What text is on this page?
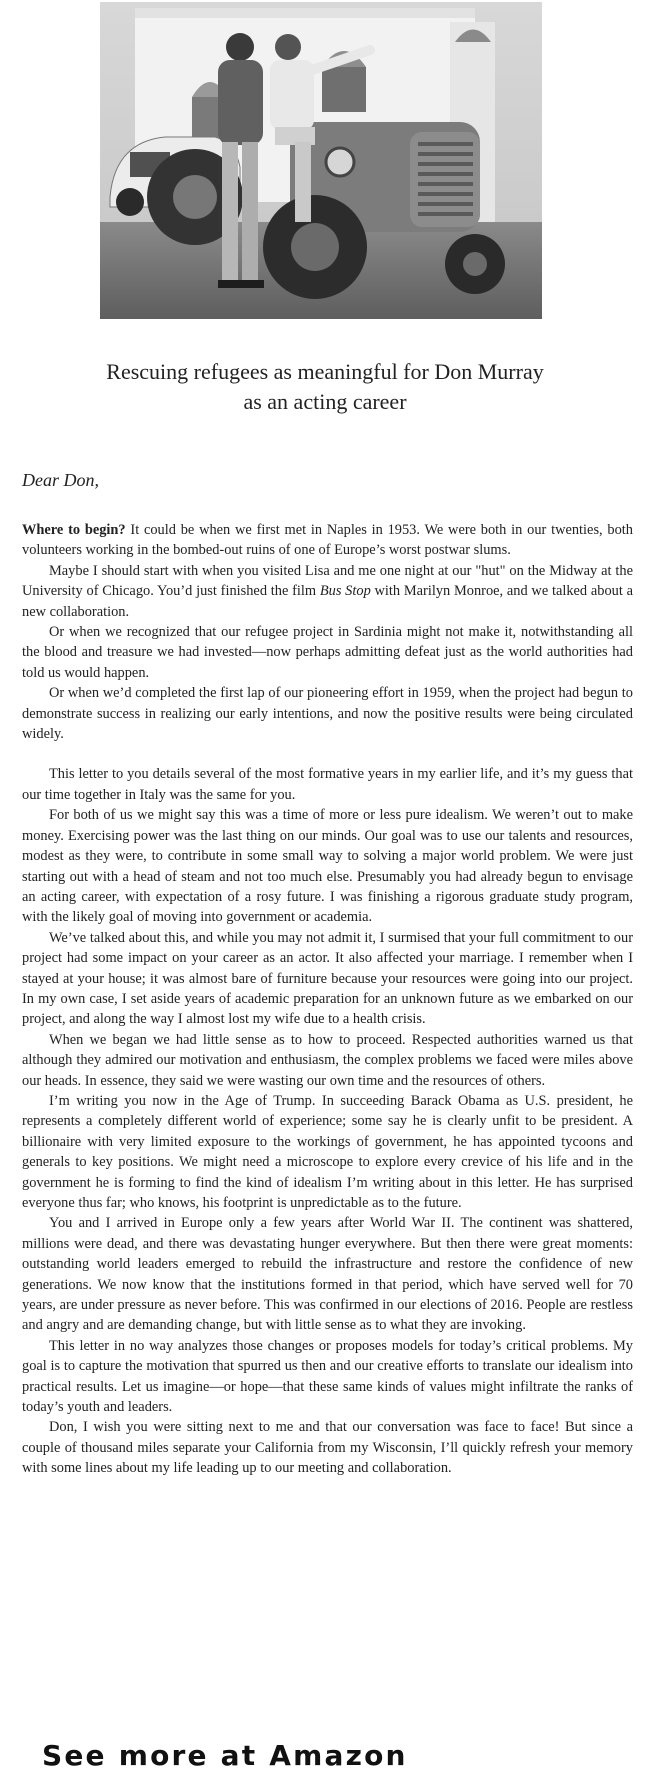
Rescuing refugees as meaningful for Don Murray
as an acting career
Dear Don,

Where to begin? It could be when we first met in Naples in 1953. We were both in our twenties, both volunteers working in the bombed-out ruins of one of Europe’s worst postwar slums.

Maybe I should start with when you visited Lisa and me one night at our "hut" on the Midway at the University of Chicago. You’d just finished the film Bus Stop with Marilyn Monroe, and we talked about a new collaboration.

Or when we recognized that our refugee project in Sardinia might not make it, notwithstanding all the blood and treasure we had invested—now perhaps admitting defeat just as the world authorities had told us would happen.

Or when we’d completed the first lap of our pioneering effort in 1959, when the project had begun to demonstrate success in realizing our early intentions, and now the positive results were being circulated widely.

This letter to you details several of the most formative years in my earlier life, and it’s my guess that our time together in Italy was the same for you.

For both of us we might say this was a time of more or less pure idealism. We weren’t out to make money. Exercising power was the last thing on our minds. Our goal was to use our talents and resources, modest as they were, to contribute in some small way to solving a major world problem. We were just starting out with a head of steam and not too much else. Presumably you had already begun to envisage an acting career, with expectation of a rosy future. I was finishing a rigorous graduate study program, with the likely goal of moving into government or academia.

We’ve talked about this, and while you may not admit it, I surmised that your full commitment to our project had some impact on your career as an actor. It also affected your marriage. I remember when I stayed at your house; it was almost bare of furniture because your resources were going into our project. In my own case, I set aside years of academic preparation for an unknown future as we embarked on our project, and along the way I almost lost my wife due to a health crisis.

When we began we had little sense as to how to proceed. Respected authorities warned us that although they admired our motivation and enthusiasm, the complex problems we faced were miles above our heads. In essence, they said we were wasting our own time and the resources of others.

I’m writing you now in the Age of Trump. In succeeding Barack Obama as U.S. president, he represents a completely different world of experience; some say he is clearly unfit to be president. A billionaire with very limited exposure to the workings of government, he has appointed tycoons and generals to key positions. We might need a microscope to explore every crevice of his life and in the government he is forming to find the kind of idealism I’m writing about in this letter. He has surprised everyone thus far; who knows, his footprint is unpredictable as to the future.

You and I arrived in Europe only a few years after World War II. The continent was shattered, millions were dead, and there was devastating hunger everywhere. But then there were great moments: outstanding world leaders emerged to rebuild the infrastructure and restore the confidence of new generations. We now know that the institutions formed in that period, which have served well for 70 years, are under pressure as never before. This was confirmed in our elections of 2016. People are restless and angry and are demanding change, but with little sense as to what they are invoking.

This letter in no way analyzes those changes or proposes models for today’s critical problems. My goal is to capture the motivation that spurred us then and our creative efforts to translate our idealism into practical results. Let us imagine—or hope—that these same kinds of values might infiltrate the ranks of today’s youth and leaders.

Don, I wish you were sitting next to me and that our conversation was face to face! But since a couple of thousand miles separate your California from my Wisconsin, I’ll quickly refresh your memory with some lines about my life leading up to our meeting and collaboration.

See more at Amazon
